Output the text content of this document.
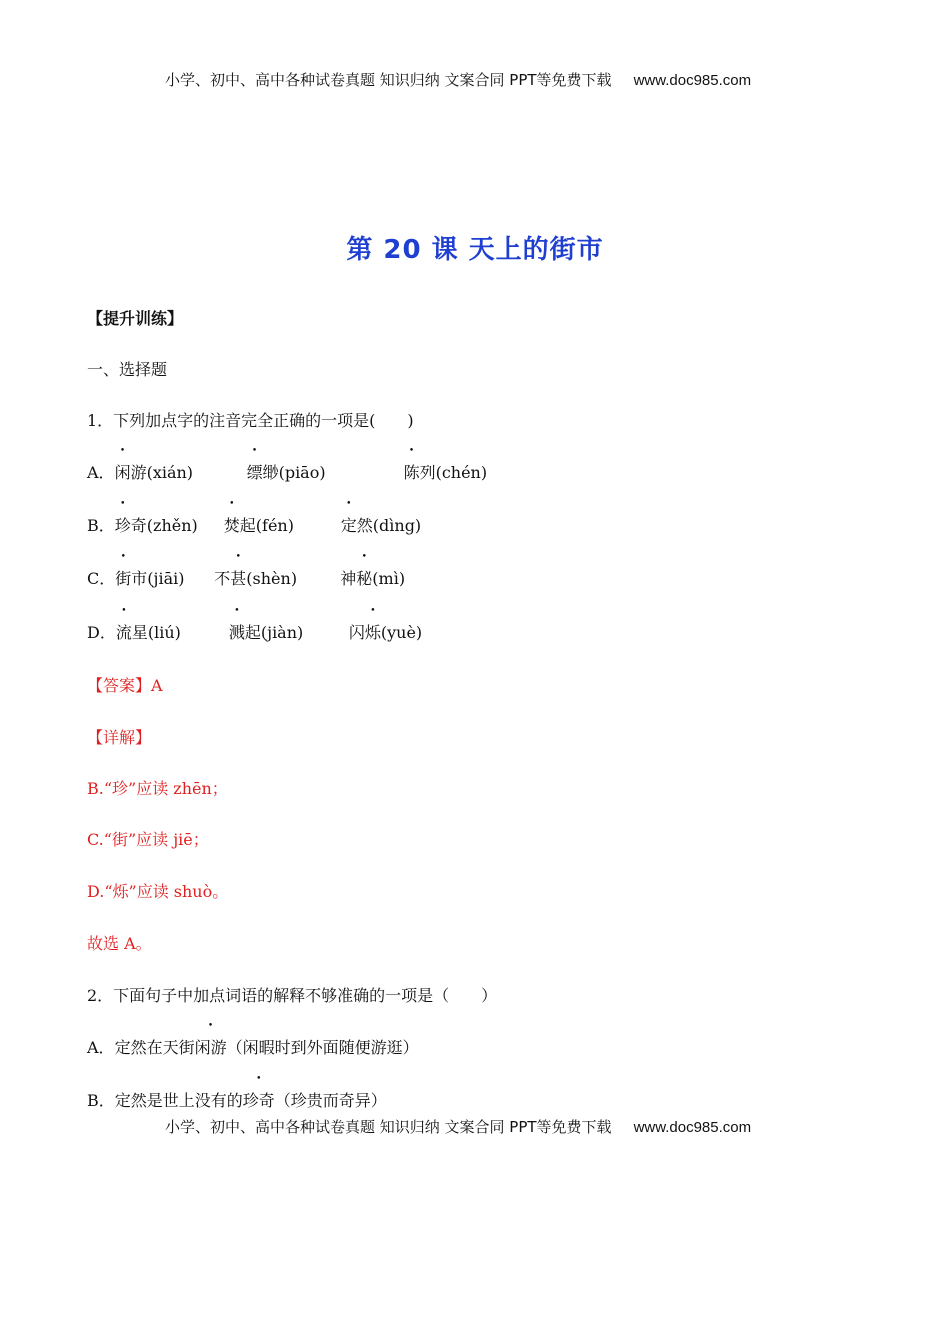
小学、初中、高中各种试卷真题 知识归纳 文案合同 PPT等免费下载 www.doc985.com
第 20 课 天上的街市
【提升训练】
一、选择题
1．下列加点字的注音完全正确的一项是(　　)
A．闲游(xián)	缥缈(piāo)	陈列(chén)
B．珍奇(zhěn) 焚起(fén)	定然(dìng)
C．街市(jiāi) 不甚(shèn)	神秘(mì)
D．流星(liú)	溅起(jiàn)	闪烁(yuè)
【答案】A
【详解】
B.“珍”应读 zhēn；
C.“街”应读 jiē；
D.“烁”应读 shuò。
故选 A。
2．下面句子中加点词语的解释不够准确的一项是（　　）
A．定然在天街闲游（闲暇时到外面随便游逛）
B．定然是世上没有的珍奇（珍贵而奇异）
小学、初中、高中各种试卷真题 知识归纳 文案合同 PPT等免费下载 www.doc985.com
